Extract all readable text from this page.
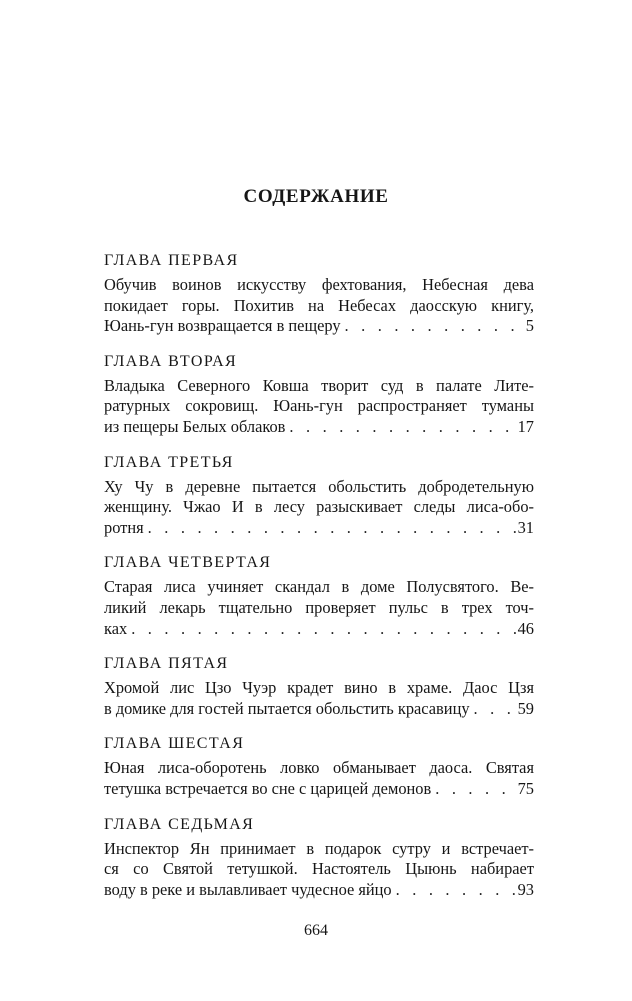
СОДЕРЖАНИЕ
ГЛАВА ПЕРВАЯ
Обучив воинов искусству фехтования, Небесная дева
покидает горы. Похитив на Небесах даосскую книгу,
Юань-гун возвращается в пещеру . . .	5
ГЛАВА ВТОРАЯ
Владыка Северного Ковша творит суд в палате Лите-
ратурных сокровищ. Юань-гун распространяет туманы
из пещеры Белых облаков . . .	17
ГЛАВА ТРЕТЬЯ
Ху Чу в деревне пытается обольстить добродетельную
женщину. Чжао И в лесу разыскивает следы лиса-обо-
ротня . . .	31
ГЛАВА ЧЕТВЕРТАЯ
Старая лиса учиняет скандал в доме Полусвятого. Ве-
ликий лекарь тщательно проверяет пульс в трех точ-
ках . . .	46
ГЛАВА ПЯТАЯ
Хромой лис Цзо Чуэр крадет вино в храме. Даос Цзя
в домике для гостей пытается обольстить красавицу . . .	59
ГЛАВА ШЕСТАЯ
Юная лиса-оборотень ловко обманывает даоса. Святая
тетушка встречается во сне с царицей демонов . . .	75
ГЛАВА СЕДЬМАЯ
Инспектор Ян принимает в подарок сутру и встречает-
ся со Святой тетушкой. Настоятель Цыюнь набирает
воду в реке и вылавливает чудесное яйцо . . .	93
664
